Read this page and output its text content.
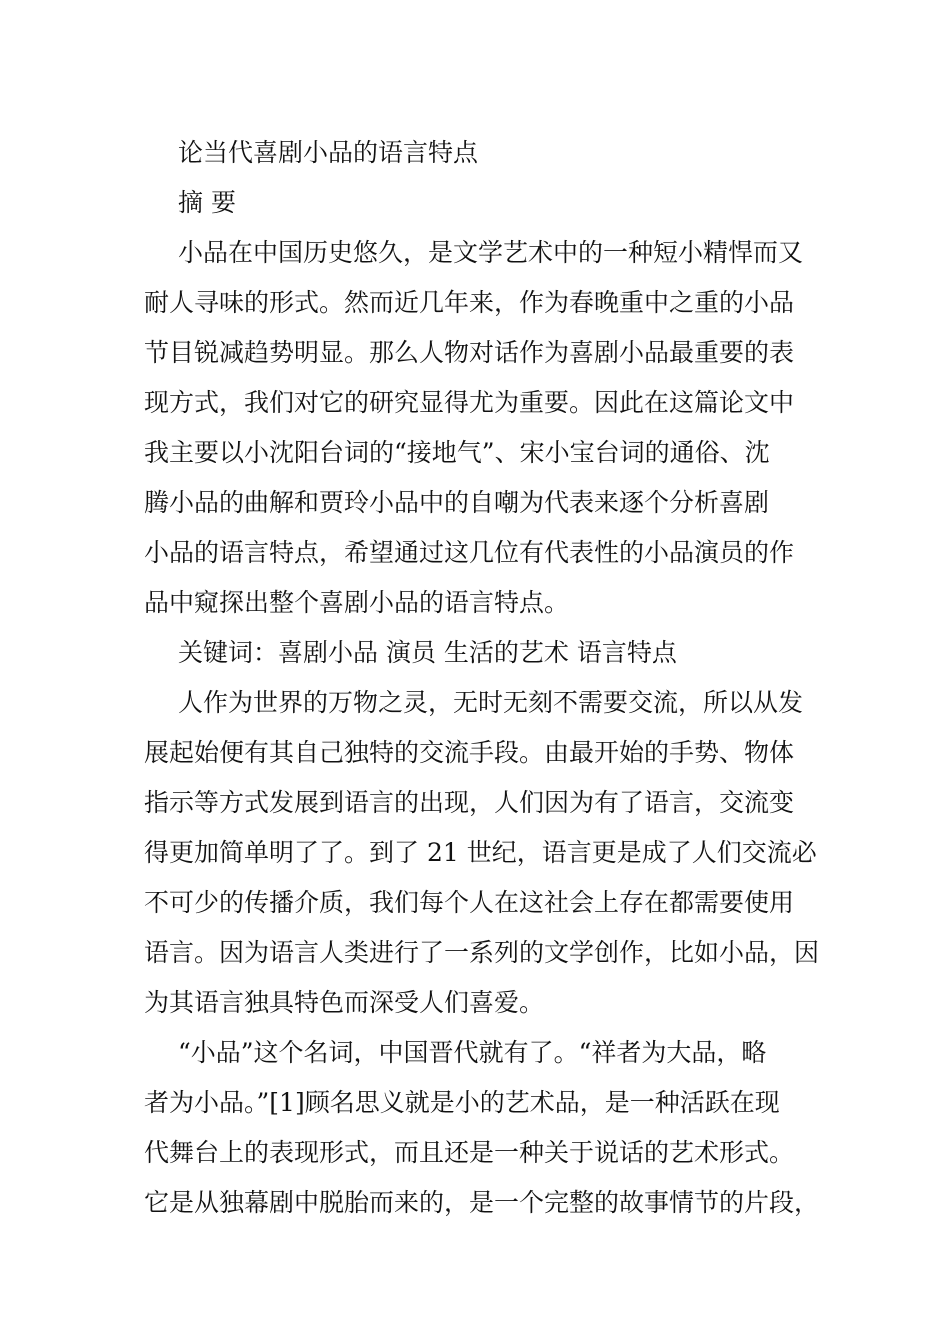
论当代喜剧小品的语言特点
摘 要
小品在中国历史悠久，是文学艺术中的一种短小精悍而又
耐人寻味的形式。然而近几年来，作为春晚重中之重的小品
节目锐减趋势明显。那么人物对话作为喜剧小品最重要的表
现方式，我们对它的研究显得尤为重要。因此在这篇论文中
我主要以小沈阳台词的“接地气”、宋小宝台词的通俗、沈
腾小品的曲解和贾玲小品中的自嘲为代表来逐个分析喜剧
小品的语言特点，希望通过这几位有代表性的小品演员的作
品中窥探出整个喜剧小品的语言特点。
关键词：喜剧小品 演员 生活的艺术 语言特点
人作为世界的万物之灵，无时无刻不需要交流，所以从发
展起始便有其自己独特的交流手段。由最开始的手势、物体
指示等方式发展到语言的出现，人们因为有了语言，交流变
得更加简单明了了。到了 21 世纪，语言更是成了人们交流必
不可少的传播介质，我们每个人在这社会上存在都需要使用
语言。因为语言人类进行了一系列的文学创作，比如小品，因
为其语言独具特色而深受人们喜爱。
“小品”这个名词，中国晋代就有了。“祥者为大品，略
者为小品。”[1]顾名思义就是小的艺术品，是一种活跃在现
代舞台上的表现形式，而且还是一种关于说话的艺术形式。
它是从独幕剧中脱胎而来的，是一个完整的故事情节的片段，
